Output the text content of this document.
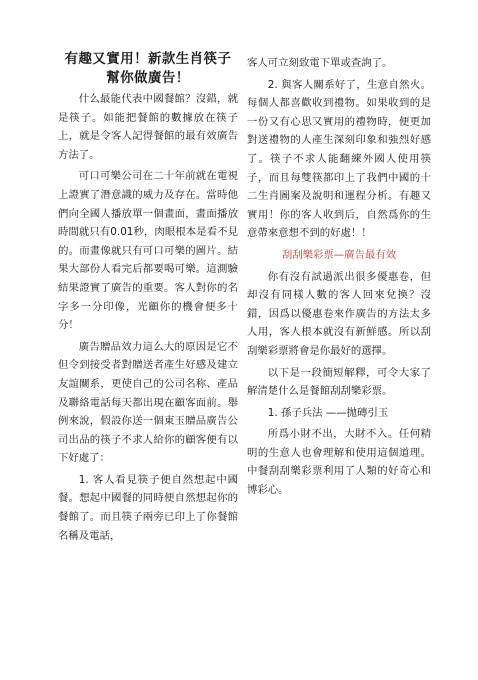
有趣又實用！新款生肖筷子幫你做廣告！

什么最能代表中國餐館？沒錯，就是筷子。如能把餐館的數據放在筷子上，就是令客人記得餐館的最有效廣告方法了。

可口可樂公司在二十年前就在電視上證實了潛意識的威力及存在。當時他們向全國人播放單一個畫面，畫面播放時間就只有0.01秒，肉眼根本是看不見的。而畫像就只有可口可樂的圖片。結果大部份人看完后都要喝可樂。這測驗結果證實了廣告的重要。客人對你的名字多一分印像，光顧你的機會便多十分！

廣告贈品效力這么大的原因是它不但令到接受者對贈送者產生好感及建立友誼關系，更使自己的公司名称、產品及聯絡電話每天都出現在顧客面前。舉例來說，假設你送一個東玉贈品廣告公司出品的筷子不求人給你的顧客便有以下好處了：

1. 客人看見筷子便自然想起中國餐。想起中國餐的同時便自然想起你的餐館了。而且筷子兩旁已印上了你餐館名稱及電話，

客人可立刻致電下單或查詢了。

2. 與客人關系好了，生意自然火。每個人都喜歡收到禮物。如果收到的是一份又有心思又實用的禮物時，便更加對送禮物的人產生深刻印象和強烈好感了。筷子不求人能翻練外國人使用筷子，而且每雙筷都印上了我們中國的十二生肖圖案及說明和運程分析。有趣又實用！你的客人收到后，自然爲你的生意帶來意想不到的好處！！

刮刮樂彩票—廣告最有效

你有沒有試過派出很多優惠卷，但却沒有同樣人數的客人回來兌換？沒錯，因爲以優惠卷來作廣告的方法太多人用，客人根本就沒有新鮮感。所以刮刮樂彩票將會是你最好的選擇。

以下是一段簡短解釋，可令大家了解清楚什么是餐館刮刮樂彩票。

1. 孫子兵法 ——拋磚引玉

所爲小財不出，大財不入。任何精明的生意人也會理解和使用這個道理。中餐刮刮樂彩票利用了人類的好奇心和博彩心。
